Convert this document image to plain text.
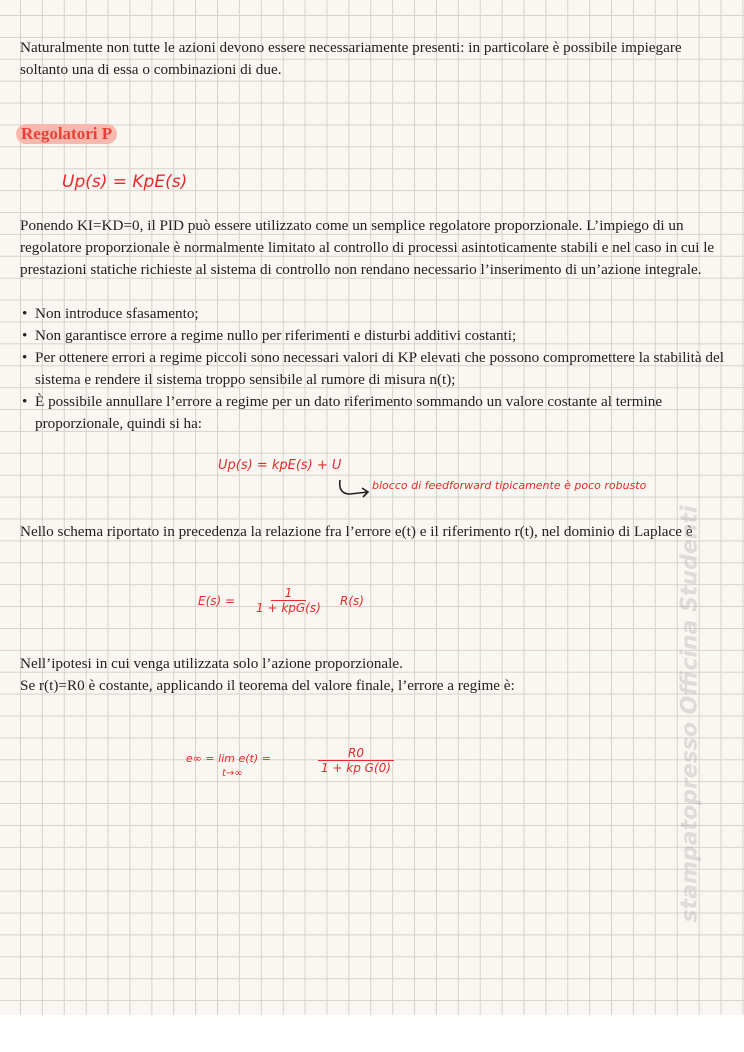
Naturalmente non tutte le azioni devono essere necessariamente presenti: in particolare è possibile impiegare soltanto una di essa o combinazioni di due.
Regolatori P
Up(s) = KpE(s)
Ponendo KI=KD=0, il PID può essere utilizzato come un semplice regolatore proporzionale. L’impiego di un regolatore proporzionale è normalmente limitato al controllo di processi asintoticamente stabili e nel caso in cui le prestazioni statiche richieste al sistema di controllo non rendano necessario l’inserimento di un’azione integrale.
• Non introduce sfasamento;
• Non garantisce errore a regime nullo per riferimenti e disturbi additivi costanti;
• Per ottenere errori a regime piccoli sono necessari valori di KP elevati che possono compromettere la stabilità del sistema e rendere il sistema troppo sensibile al rumore di misura n(t);
• È possibile annullare l’errore a regime per un dato riferimento sommando un valore costante al termine proporzionale, quindi si ha:
Up(s) = kpE(s) + U
blocco di feedforward tipicamente è poco robusto
Nello schema riportato in precedenza la relazione fra l’errore e(t) e il riferimento r(t), nel dominio di Laplace è
E(s) =
1
1 + kpG(s) R(s)
Nell’ipotesi in cui venga utilizzata solo l’azione proporzionale.
Se r(t)=R0 è costante, applicando il teorema del valore finale, l’errore a regime è:
e∞ = lim e(t) =
t→∞	$\frac{R0}{\text{1 + kp G(0)}}$	stampatopresso Officina Studenti
